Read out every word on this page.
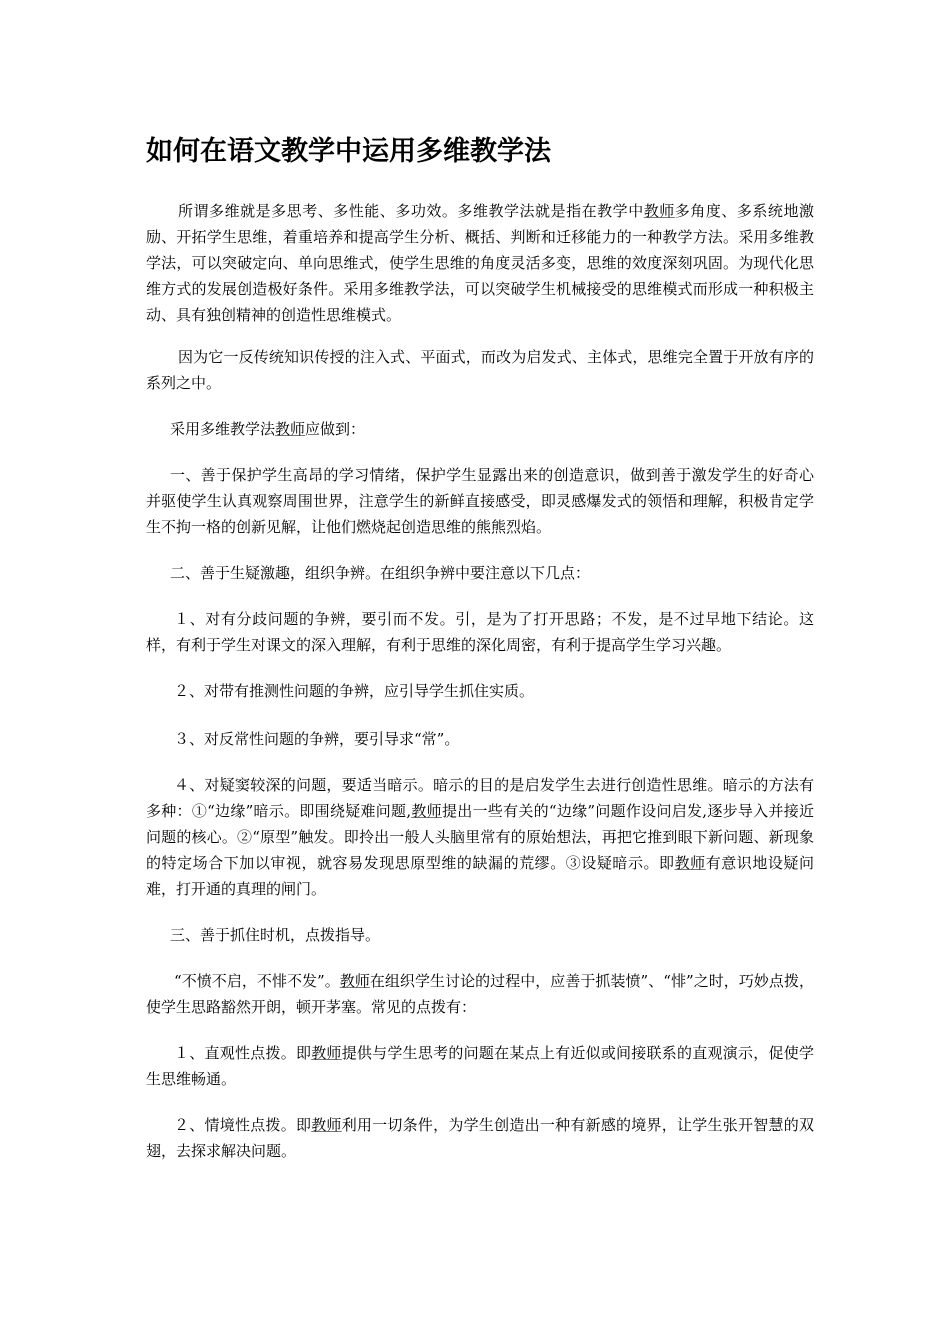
如何在语文教学中运用多维教学法
所谓多维就是多思考、多性能、多功效。多维教学法就是指在教学中教师多角度、多系统地激励、开拓学生思维，着重培养和提高学生分析、概括、判断和迁移能力的一种教学方法。采用多维教学法，可以突破定向、单向思维式，使学生思维的角度灵活多变，思维的效度深刻巩固。为现代化思维方式的发展创造极好条件。采用多维教学法，可以突破学生机械接受的思维模式而形成一种积极主动、具有独创精神的创造性思维模式。
因为它一反传统知识传授的注入式、平面式，而改为启发式、主体式，思维完全置于开放有序的系列之中。
采用多维教学法教师应做到：
一、善于保护学生高昂的学习情绪，保护学生显露出来的创造意识，做到善于激发学生的好奇心并驱使学生认真观察周围世界，注意学生的新鲜直接感受，即灵感爆发式的领悟和理解，积极肯定学生不拘一格的创新见解，让他们燃烧起创造思维的熊熊烈焰。
二、善于生疑激趣，组织争辨。在组织争辨中要注意以下几点：
１、对有分歧问题的争辨，要引而不发。引，是为了打开思路；不发，是不过早地下结论。这样，有利于学生对课文的深入理解，有利于思维的深化周密，有利于提高学生学习兴趣。
２、对带有推测性问题的争辨，应引导学生抓住实质。
３、对反常性问题的争辨，要引导求“常”。
４、对疑窦较深的问题，要适当暗示。暗示的目的是启发学生去进行创造性思维。暗示的方法有多种：①“边缘”暗示。即围绕疑难问题,教师提出一些有关的“边缘”问题作设问启发,逐步导入并接近问题的核心。②“原型”触发。即拎出一般人头脑里常有的原始想法，再把它推到眼下新问题、新现象的特定场合下加以审视，就容易发现思原型维的缺漏的荒缪。③设疑暗示。即教师有意识地设疑问难，打开通的真理的闸门。
三、善于抓住时机，点拨指导。
“不愤不启，不悱不发”。教师在组织学生讨论的过程中，应善于抓装愤”、“悱”之时，巧妙点拨，使学生思路豁然开朗，顿开茅塞。常见的点拨有：
１、直观性点拨。即教师提供与学生思考的问题在某点上有近似或间接联系的直观演示，促使学生思维畅通。
２、情境性点拨。即教师利用一切条件，为学生创造出一种有新感的境界，让学生张开智慧的双翅，去探求解决问题。
